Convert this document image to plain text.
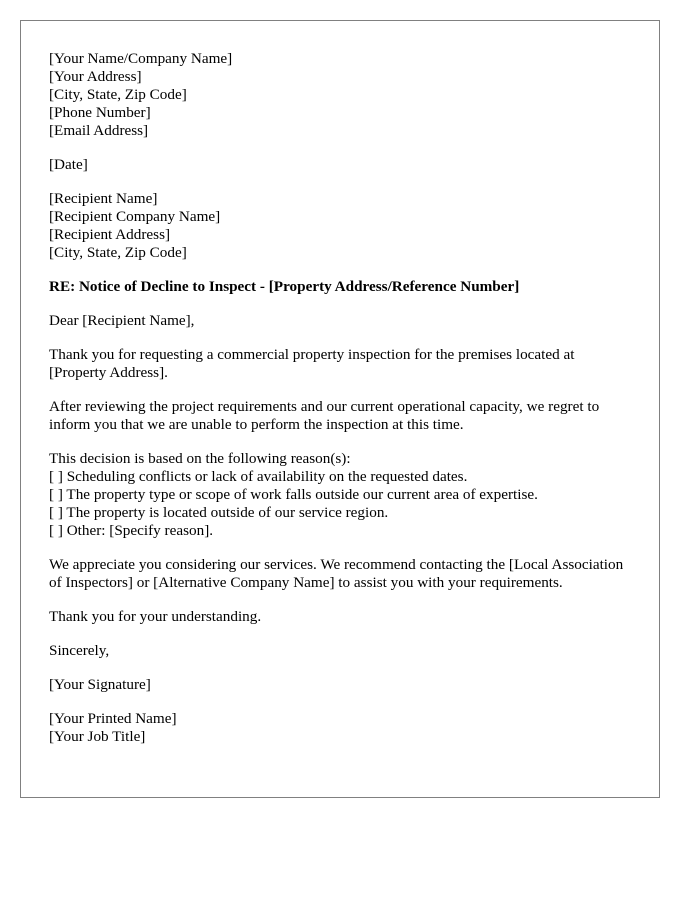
[Your Name/Company Name]
[Your Address]
[City, State, Zip Code]
[Phone Number]
[Email Address]
[Date]
[Recipient Name]
[Recipient Company Name]
[Recipient Address]
[City, State, Zip Code]
RE: Notice of Decline to Inspect - [Property Address/Reference Number]
Dear [Recipient Name],
Thank you for requesting a commercial property inspection for the premises located at [Property Address].
After reviewing the project requirements and our current operational capacity, we regret to inform you that we are unable to perform the inspection at this time.
This decision is based on the following reason(s):
[ ] Scheduling conflicts or lack of availability on the requested dates.
[ ] The property type or scope of work falls outside our current area of expertise.
[ ] The property is located outside of our service region.
[ ] Other: [Specify reason].
We appreciate you considering our services. We recommend contacting the [Local Association of Inspectors] or [Alternative Company Name] to assist you with your requirements.
Thank you for your understanding.
Sincerely,
[Your Signature]
[Your Printed Name]
[Your Job Title]
